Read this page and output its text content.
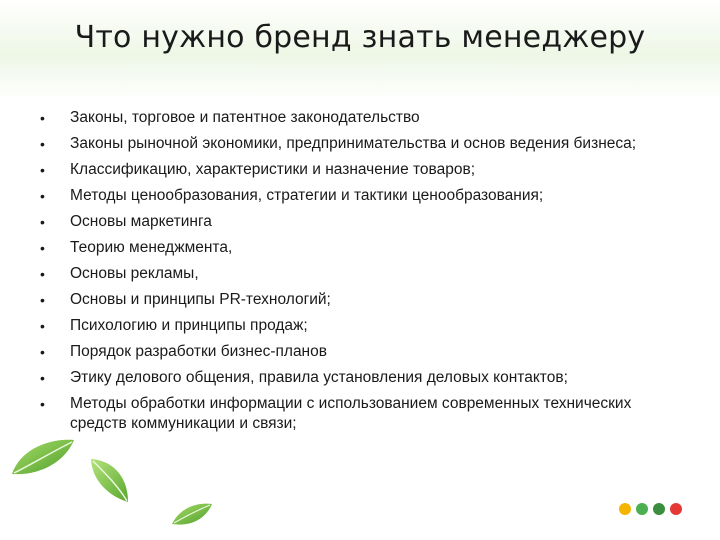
Что нужно бренд знать менеджеру
• Законы, торговое и патентное законодательство
• Законы рыночной экономики, предпринимательства и основ ведения бизнеса;
• Классификацию, характеристики и назначение товаров;
• Методы ценообразования, стратегии и тактики ценообразования;
• Основы маркетинга
• Теорию менеджмента,
• Основы рекламы,
• Основы и принципы PR-технологий;
• Психологию и принципы продаж;
• Порядок разработки бизнес-планов
• Этику делового общения, правила установления деловых контактов;
• Методы обработки информации с использованием современных технических средств коммуникации и связи;
